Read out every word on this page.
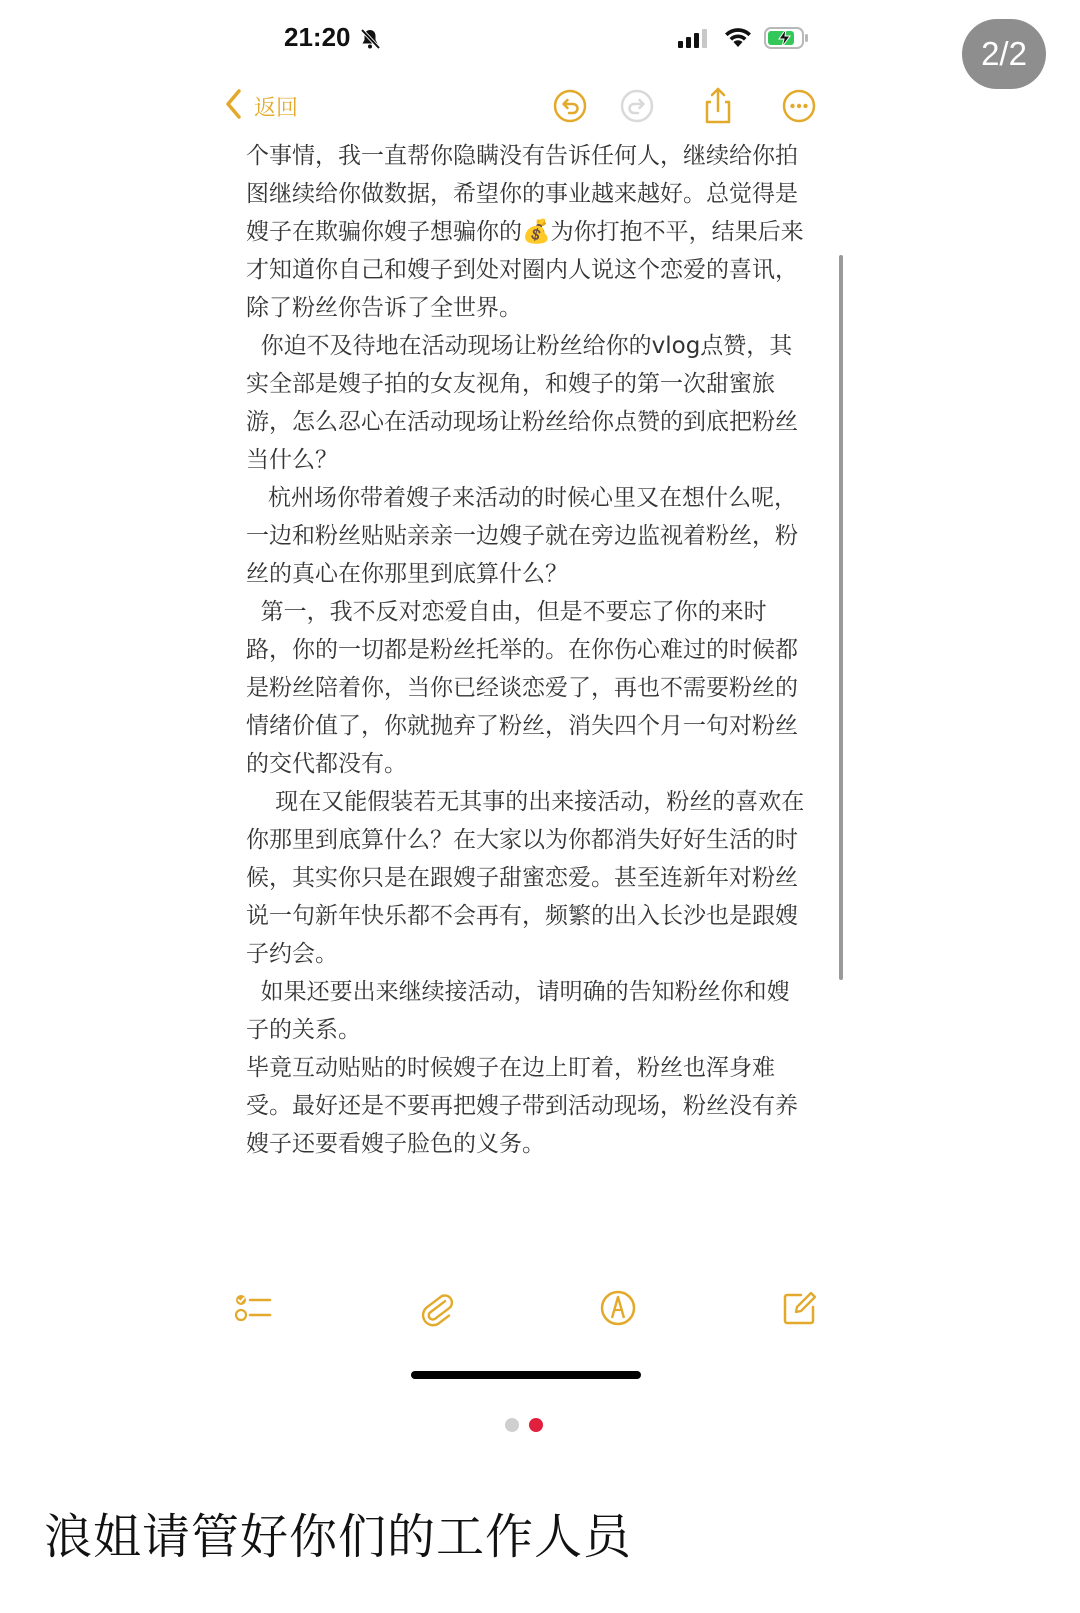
2/2
21:20
返回

个事情，我一直帮你隐瞒没有告诉任何人，继续给你拍图继续给你做数据，希望你的事业越来越好。总觉得是嫂子在欺骗你嫂子想骗你的💰为你打抱不平，结果后来才知道你自己和嫂子到处对圈内人说这个恋爱的喜讯，除了粉丝你告诉了全世界。

你迫不及待地在活动现场让粉丝给你的vlog点赞，其实全部是嫂子拍的女友视角，和嫂子的第一次甜蜜旅游，怎么忍心在活动现场让粉丝给你点赞的到底把粉丝当什么？

杭州场你带着嫂子来活动的时候心里又在想什么呢，一边和粉丝贴贴亲亲一边嫂子就在旁边监视着粉丝，粉丝的真心在你那里到底算什么？

第一，我不反对恋爱自由，但是不要忘了你的来时路，你的一切都是粉丝托举的。在你伤心难过的时候都是粉丝陪着你，当你已经谈恋爱了，再也不需要粉丝的情绪价值了，你就抛弃了粉丝，消失四个月一句对粉丝的交代都没有。

现在又能假装若无其事的出来接活动，粉丝的喜欢在你那里到底算什么？在大家以为你都消失好好生活的时候，其实你只是在跟嫂子甜蜜恋爱。甚至连新年对粉丝说一句新年快乐都不会再有，频繁的出入长沙也是跟嫂子约会。

如果还要出来继续接活动，请明确的告知粉丝你和嫂子的关系。

毕竟互动贴贴的时候嫂子在边上盯着，粉丝也浑身难受。最好还是不要再把嫂子带到活动现场，粉丝没有养嫂子还要看嫂子脸色的义务。

浪姐请管好你们的工作人员
